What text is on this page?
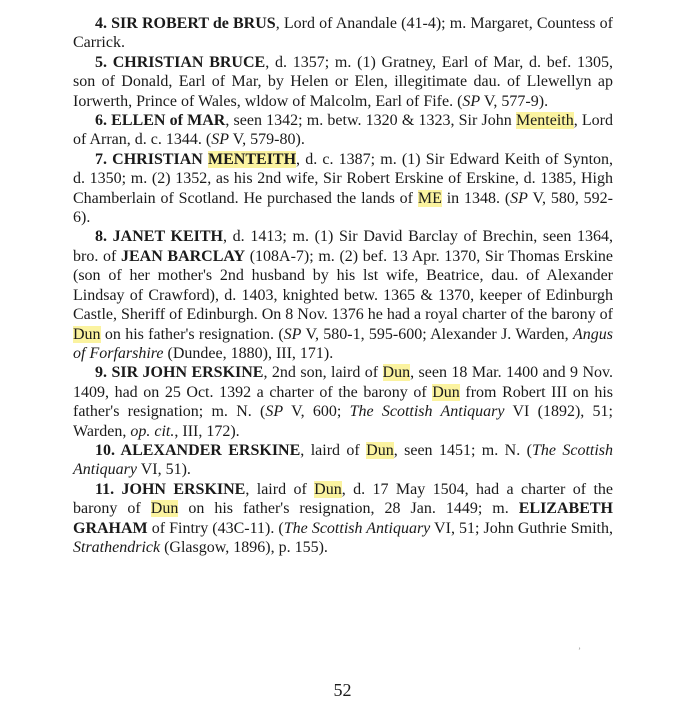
4. SIR ROBERT de BRUS, Lord of Anandale (41-4); m. Margaret, Countess of Carrick.

5. CHRISTIAN BRUCE, d. 1357; m. (1) Gratney, Earl of Mar, d. bef. 1305, son of Donald, Earl of Mar, by Helen or Elen, illegitimate dau. of Llewellyn ap Iorwerth, Prince of Wales, wldow of Malcolm, Earl of Fife. (SP V, 577-9).

6. ELLEN of MAR, seen 1342; m. betw. 1320 & 1323, Sir John Menteith, Lord of Arran, d. c. 1344. (SP V, 579-80).

7. CHRISTIAN MENTEITH, d. c. 1387; m. (1) Sir Edward Keith of Synton, d. 1350; m. (2) 1352, as his 2nd wife, Sir Robert Erskine of Erskine, d. 1385, High Chamberlain of Scotland. He purchased the lands of ME in 1348. (SP V, 580, 592-6).

8. JANET KEITH, d. 1413; m. (1) Sir David Barclay of Brechin, seen 1364, bro. of JEAN BARCLAY (108A-7); m. (2) bef. 13 Apr. 1370, Sir Thomas Erskine (son of her mother's 2nd husband by his lst wife, Beatrice, dau. of Alexander Lindsay of Crawford), d. 1403, knighted betw. 1365 & 1370, keeper of Edinburgh Castle, Sheriff of Edinburgh. On 8 Nov. 1376 he had a royal charter of the barony of Dun on his father's resignation. (SP V, 580-1, 595-600; Alexander J. Warden, Angus of Forfarshire (Dundee, 1880), III, 171).

9. SIR JOHN ERSKINE, 2nd son, laird of Dun, seen 18 Mar. 1400 and 9 Nov. 1409, had on 25 Oct. 1392 a charter of the barony of Dun from Robert III on his father's resignation; m. N. (SP V, 600; The Scottish Antiquary VI (1892), 51; Warden, op. cit., III, 172).

10. ALEXANDER ERSKINE, laird of Dun, seen 1451; m. N. (The Scottish Antiquary VI, 51).

11. JOHN ERSKINE, laird of Dun, d. 17 May 1504, had a charter of the barony of Dun on his father's resignation, 28 Jan. 1449; m. ELIZABETH GRAHAM of Fintry (43C-11). (The Scottish Antiquary VI, 51; John Guthrie Smith, Strathendrick (Glasgow, 1896), p. 155).

ʼ
52
